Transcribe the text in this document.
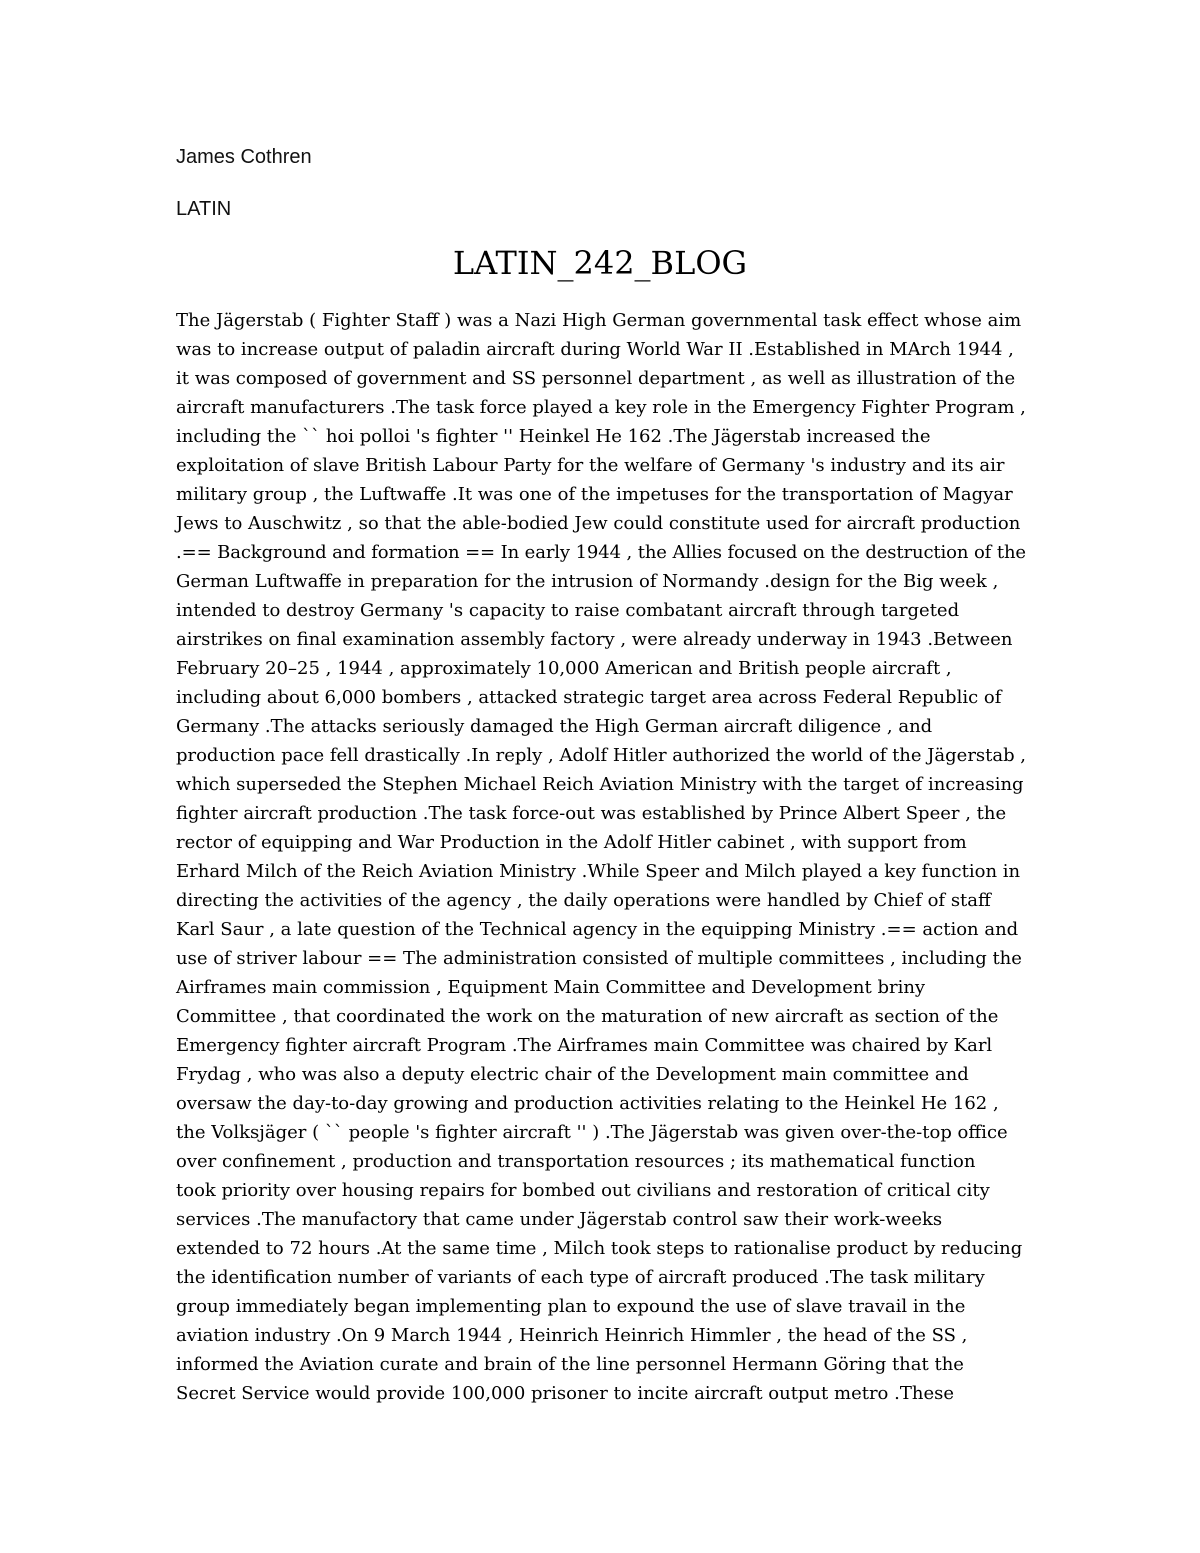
James Cothren
LATIN
LATIN_242_BLOG
The Jägerstab ( Fighter Staff ) was a Nazi High German governmental task effect whose aim
was to increase output of paladin aircraft during World War II .Established in MArch 1944 ,
it was composed of government and SS personnel department , as well as illustration of the
aircraft manufacturers .The task force played a key role in the Emergency Fighter Program ,
including the `` hoi polloi 's fighter '' Heinkel He 162 .The Jägerstab increased the
exploitation of slave British Labour Party for the welfare of Germany 's industry and its air
military group , the Luftwaffe .It was one of the impetuses for the transportation of Magyar
Jews to Auschwitz , so that the able-bodied Jew could constitute used for aircraft production
.== Background and formation == In early 1944 , the Allies focused on the destruction of the
German Luftwaffe in preparation for the intrusion of Normandy .design for the Big week ,
intended to destroy Germany 's capacity to raise combatant aircraft through targeted
airstrikes on final examination assembly factory , were already underway in 1943 .Between
February 20–25 , 1944 , approximately 10,000 American and British people aircraft ,
including about 6,000 bombers , attacked strategic target area across Federal Republic of
Germany .The attacks seriously damaged the High German aircraft diligence , and
production pace fell drastically .In reply , Adolf Hitler authorized the world of the Jägerstab ,
which superseded the Stephen Michael Reich Aviation Ministry with the target of increasing
fighter aircraft production .The task force-out was established by Prince Albert Speer , the
rector of equipping and War Production in the Adolf Hitler cabinet , with support from
Erhard Milch of the Reich Aviation Ministry .While Speer and Milch played a key function in
directing the activities of the agency , the daily operations were handled by Chief of staff
Karl Saur , a late question of the Technical agency in the equipping Ministry .== action and
use of striver labour == The administration consisted of multiple committees , including the
Airframes main commission , Equipment Main Committee and Development briny
Committee , that coordinated the work on the maturation of new aircraft as section of the
Emergency fighter aircraft Program .The Airframes main Committee was chaired by Karl
Frydag , who was also a deputy electric chair of the Development main committee and
oversaw the day-to-day growing and production activities relating to the Heinkel He 162 ,
the Volksjäger ( `` people 's fighter aircraft '' ) .The Jägerstab was given over-the-top office
over confinement , production and transportation resources ; its mathematical function
took priority over housing repairs for bombed out civilians and restoration of critical city
services .The manufactory that came under Jägerstab control saw their work-weeks
extended to 72 hours .At the same time , Milch took steps to rationalise product by reducing
the identification number of variants of each type of aircraft produced .The task military
group immediately began implementing plan to expound the use of slave travail in the
aviation industry .On 9 March 1944 , Heinrich Heinrich Himmler , the head of the SS ,
informed the Aviation curate and brain of the line personnel Hermann Göring that the
Secret Service would provide 100,000 prisoner to incite aircraft output metro .These
